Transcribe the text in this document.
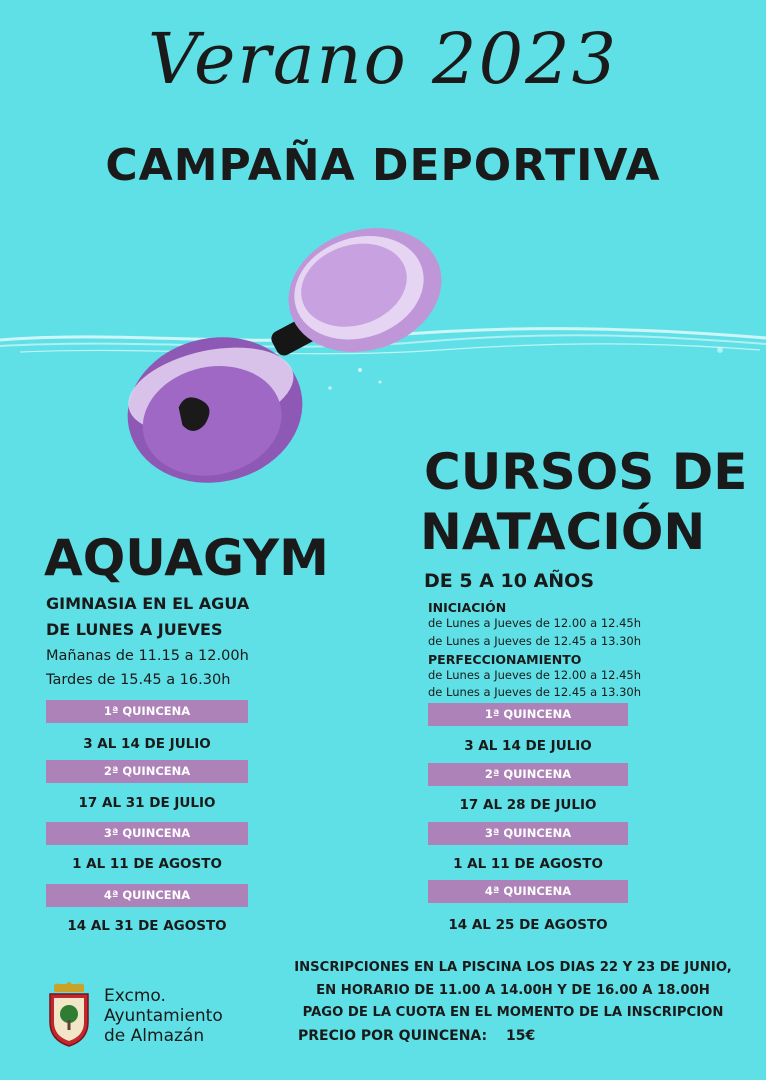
Verano 2023
CAMPAÑA DEPORTIVA
AQUAGYM
GIMNASIA EN EL AGUA
DE LUNES A JUEVES
Mañanas de 11.15 a 12.00h
Tardes de 15.45 a 16.30h
1ª QUINCENA
3 AL 14 DE JULIO
2ª QUINCENA
17 AL 31 DE JULIO
3ª QUINCENA
1 AL 11 DE AGOSTO
4ª QUINCENA
14 AL 31 DE AGOSTO
CURSOS DE
NATACIÓN
DE 5 A 10 AÑOS
INICIACIÓN
de Lunes a Jueves de 12.00 a 12.45h
de Lunes a Jueves de 12.45 a 13.30h
PERFECCIONAMIENTO
de Lunes a Jueves de 12.00 a 12.45h
de Lunes a Jueves de 12.45 a 13.30h
1ª QUINCENA
3 AL 14 DE JULIO
2ª QUINCENA
17 AL 28 DE JULIO
3ª QUINCENA
1 AL 11 DE AGOSTO
4ª QUINCENA
14 AL 25 DE AGOSTO
Excmo.
Ayuntamiento
de Almazán
INSCRIPCIONES EN LA PISCINA LOS DIAS 22 Y 23 DE JUNIO,
EN HORARIO DE 11.00 A 14.00H Y DE 16.00 A 18.00H
PAGO DE LA CUOTA EN EL MOMENTO DE LA INSCRIPCION
PRECIO POR QUINCENA: 15€
